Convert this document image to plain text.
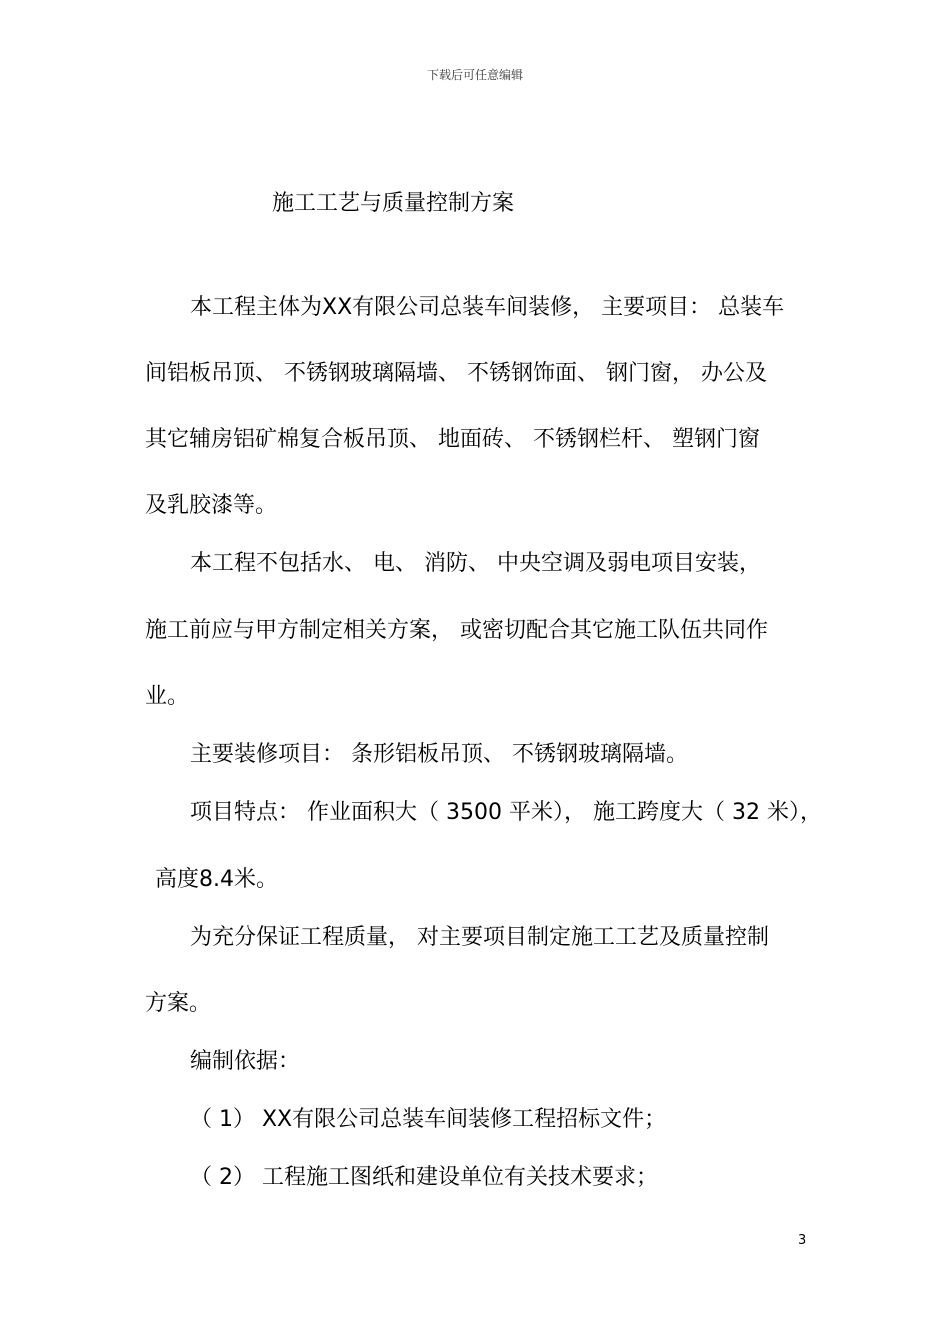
下载后可任意编辑
施工工艺与质量控制方案
本工程主体为XX有限公司总装车间装修， 主要项目： 总装车
间铝板吊顶、 不锈钢玻璃隔墙、 不锈钢饰面、 钢门窗， 办公及
其它辅房铝矿棉复合板吊顶、 地面砖、 不锈钢栏杆、 塑钢门窗
及乳胶漆等。
本工程不包括水、 电、 消防、 中央空调及弱电项目安装，
施工前应与甲方制定相关方案， 或密切配合其它施工队伍共同作
业。
主要装修项目： 条形铝板吊顶、 不锈钢玻璃隔墙。
项目特点： 作业面积大（ 3500 平米）， 施工跨度大（ 32 米），
高度8.4米。
为充分保证工程质量， 对主要项目制定施工工艺及质量控制
方案。
编制依据：
（ 1） XX有限公司总装车间装修工程招标文件；
（ 2） 工程施工图纸和建设单位有关技术要求；
3
